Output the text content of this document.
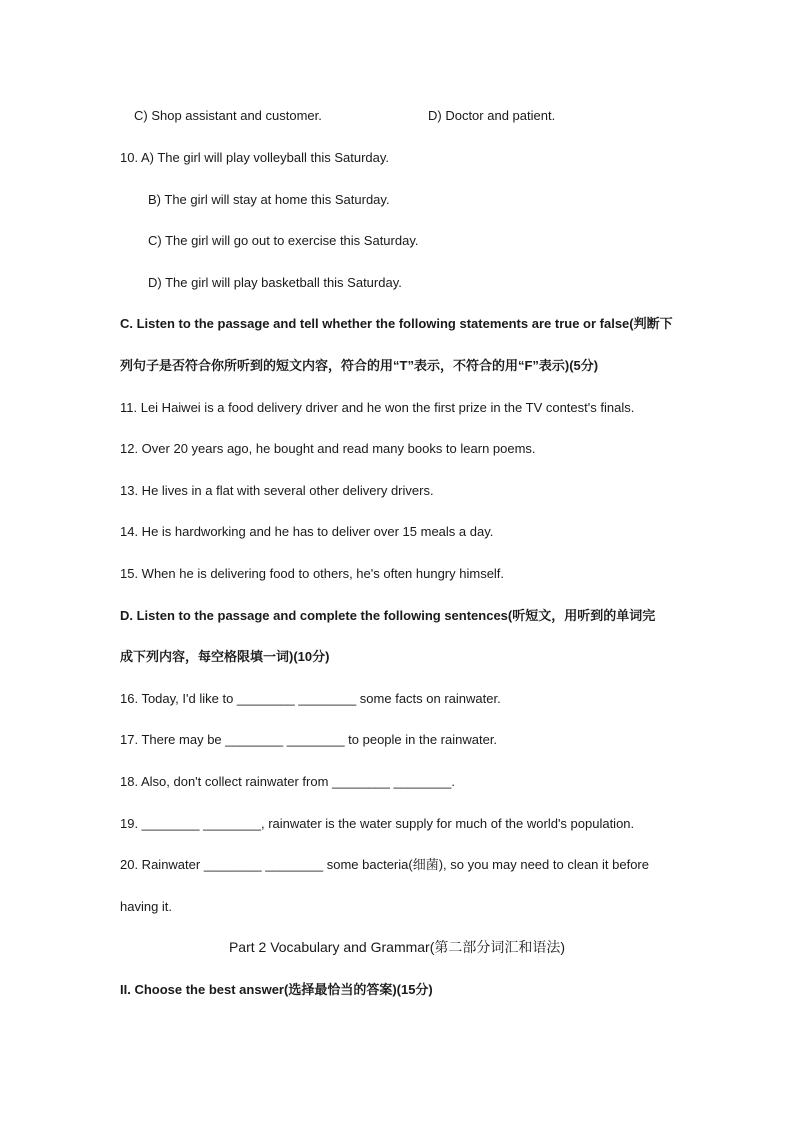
C) Shop assistant and customer.	D) Doctor and patient.
10. A) The girl will play volleyball this Saturday.
B) The girl will stay at home this Saturday.
C) The girl will go out to exercise this Saturday.
D) The girl will play basketball this Saturday.
C. Listen to the passage and tell whether the following statements are true or false(判断下
列句子是否符合你所听到的短文内容，符合的用“T”表示，不符合的用“F”表示)(5分)
11. Lei Haiwei is a food delivery driver and he won the first prize in the TV contest's finals.
12. Over 20 years ago, he bought and read many books to learn poems.
13. He lives in a flat with several other delivery drivers.
14. He is hardworking and he has to deliver over 15 meals a day.
15. When he is delivering food to others, he's often hungry himself.
D. Listen to the passage and complete the following sentences(听短文，用听到的单词完
成下列内容，每空格限填一词)(10分)
16. Today, I'd like to ________ ________ some facts on rainwater.
17. There may be ________ ________ to people in the rainwater.
18. Also, don't collect rainwater from ________ ________.
19. ________ ________, rainwater is the water supply for much of the world's population.
20. Rainwater ________ ________ some bacteria(细菌), so you may need to clean it before
having it.
Part 2 Vocabulary and Grammar(第二部分词汇和语法)
II. Choose the best answer(选择最恰当的答案)(15分)
